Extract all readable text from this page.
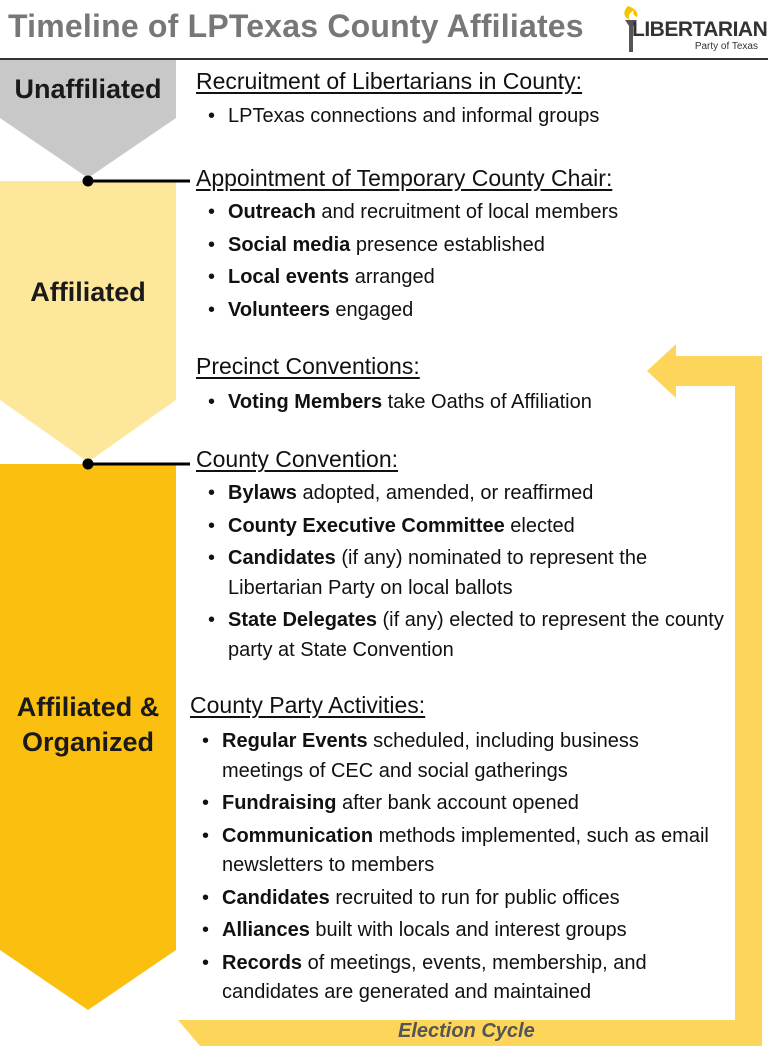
Timeline of LPTexas County Affiliates LIBERTARIAN
Party of Texas
Unaffiliated
Affiliated
Affiliated &
Organized
Recruitment of Libertarians in County:
• LPTexas connections and informal groups
Appointment of Temporary County Chair:
• Outreach and recruitment of local members
• Social media presence established
• Local events arranged
• Volunteers engaged
Precinct Conventions:
• Voting Members take Oaths of Affiliation
County Convention:
• Bylaws adopted, amended, or reaffirmed
• County Executive Committee elected
• Candidates (if any) nominated to represent the Libertarian Party on local ballots
• State Delegates (if any) elected to represent the county party at State Convention
County Party Activities:
• Regular Events scheduled, including business meetings of CEC and social gatherings
• Fundraising after bank account opened
• Communication methods implemented, such as email newsletters to members
• Candidates recruited to run for public offices
• Alliances built with locals and interest groups
• Records of meetings, events, membership, and candidates are generated and maintained
Election Cycle
